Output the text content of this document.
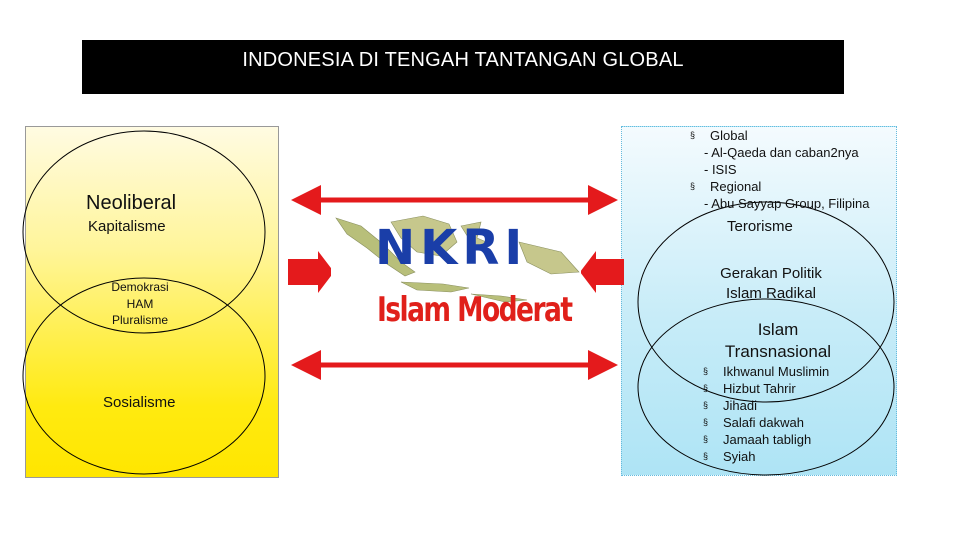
INDONESIA DI TENGAH TANTANGAN GLOBAL
NKRI
Islam Moderat
Neoliberal
Kapitalisme
Demokrasi
HAM
Pluralisme
Sosialisme
§	Global
- Al-Qaeda dan caban2nya
- ISIS
§	Regional
- Abu Sayyap Group, Filipina
Terorisme
Gerakan Politik
Islam Radikal
Islam
Transnasional
§	Ikhwanul Muslimin
§	Hizbut Tahrir
§	Jihadi
§	Salafi dakwah
§	Jamaah tabligh
§	Syiah
